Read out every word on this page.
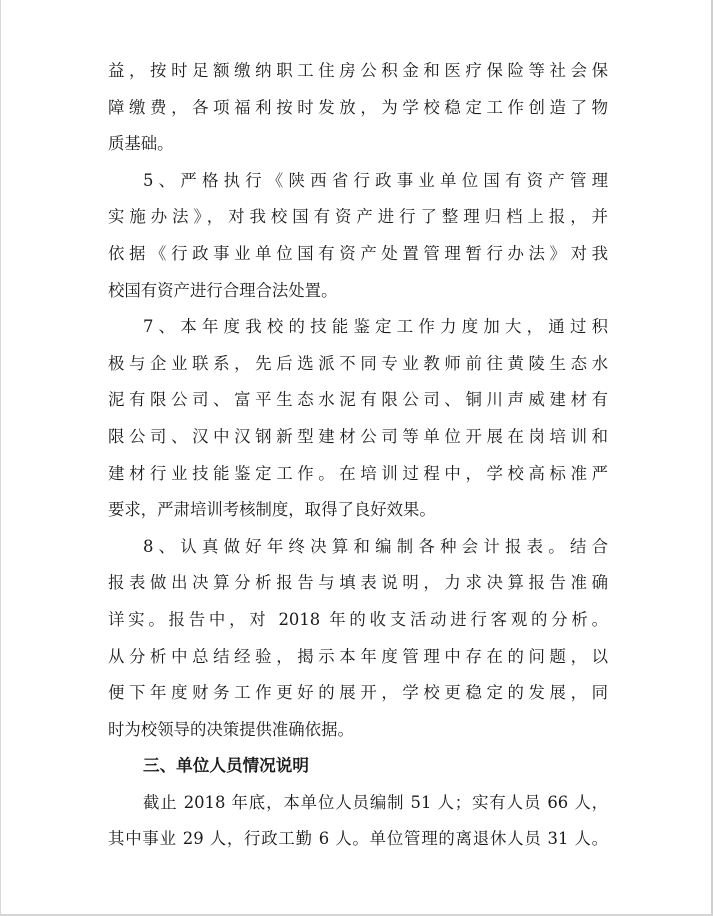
益，按时足额缴纳职工住房公积金和医疗保险等社会保
障缴费，各项福利按时发放，为学校稳定工作创造了物
质基础。
5、严格执行《陕西省行政事业单位国有资产管理
实施办法》，对我校国有资产进行了整理归档上报，并
依据《行政事业单位国有资产处置管理暂行办法》对我
校国有资产进行合理合法处置。
7、本年度我校的技能鉴定工作力度加大，通过积
极与企业联系，先后选派不同专业教师前往黄陵生态水
泥有限公司、富平生态水泥有限公司、铜川声威建材有
限公司、汉中汉钢新型建材公司等单位开展在岗培训和
建材行业技能鉴定工作。在培训过程中，学校高标准严
要求，严肃培训考核制度，取得了良好效果。
8、认真做好年终决算和编制各种会计报表。结合
报表做出决算分析报告与填表说明，力求决算报告准确
详实。报告中，对 2018 年的收支活动进行客观的分析。
从分析中总结经验，揭示本年度管理中存在的问题，以
便下年度财务工作更好的展开，学校更稳定的发展，同
时为校领导的决策提供准确依据。
三、单位人员情况说明
截止 2018 年底，本单位人员编制 51 人；实有人员 66 人，
其中事业 29 人，行政工勤 6 人。单位管理的离退休人员 31 人。
